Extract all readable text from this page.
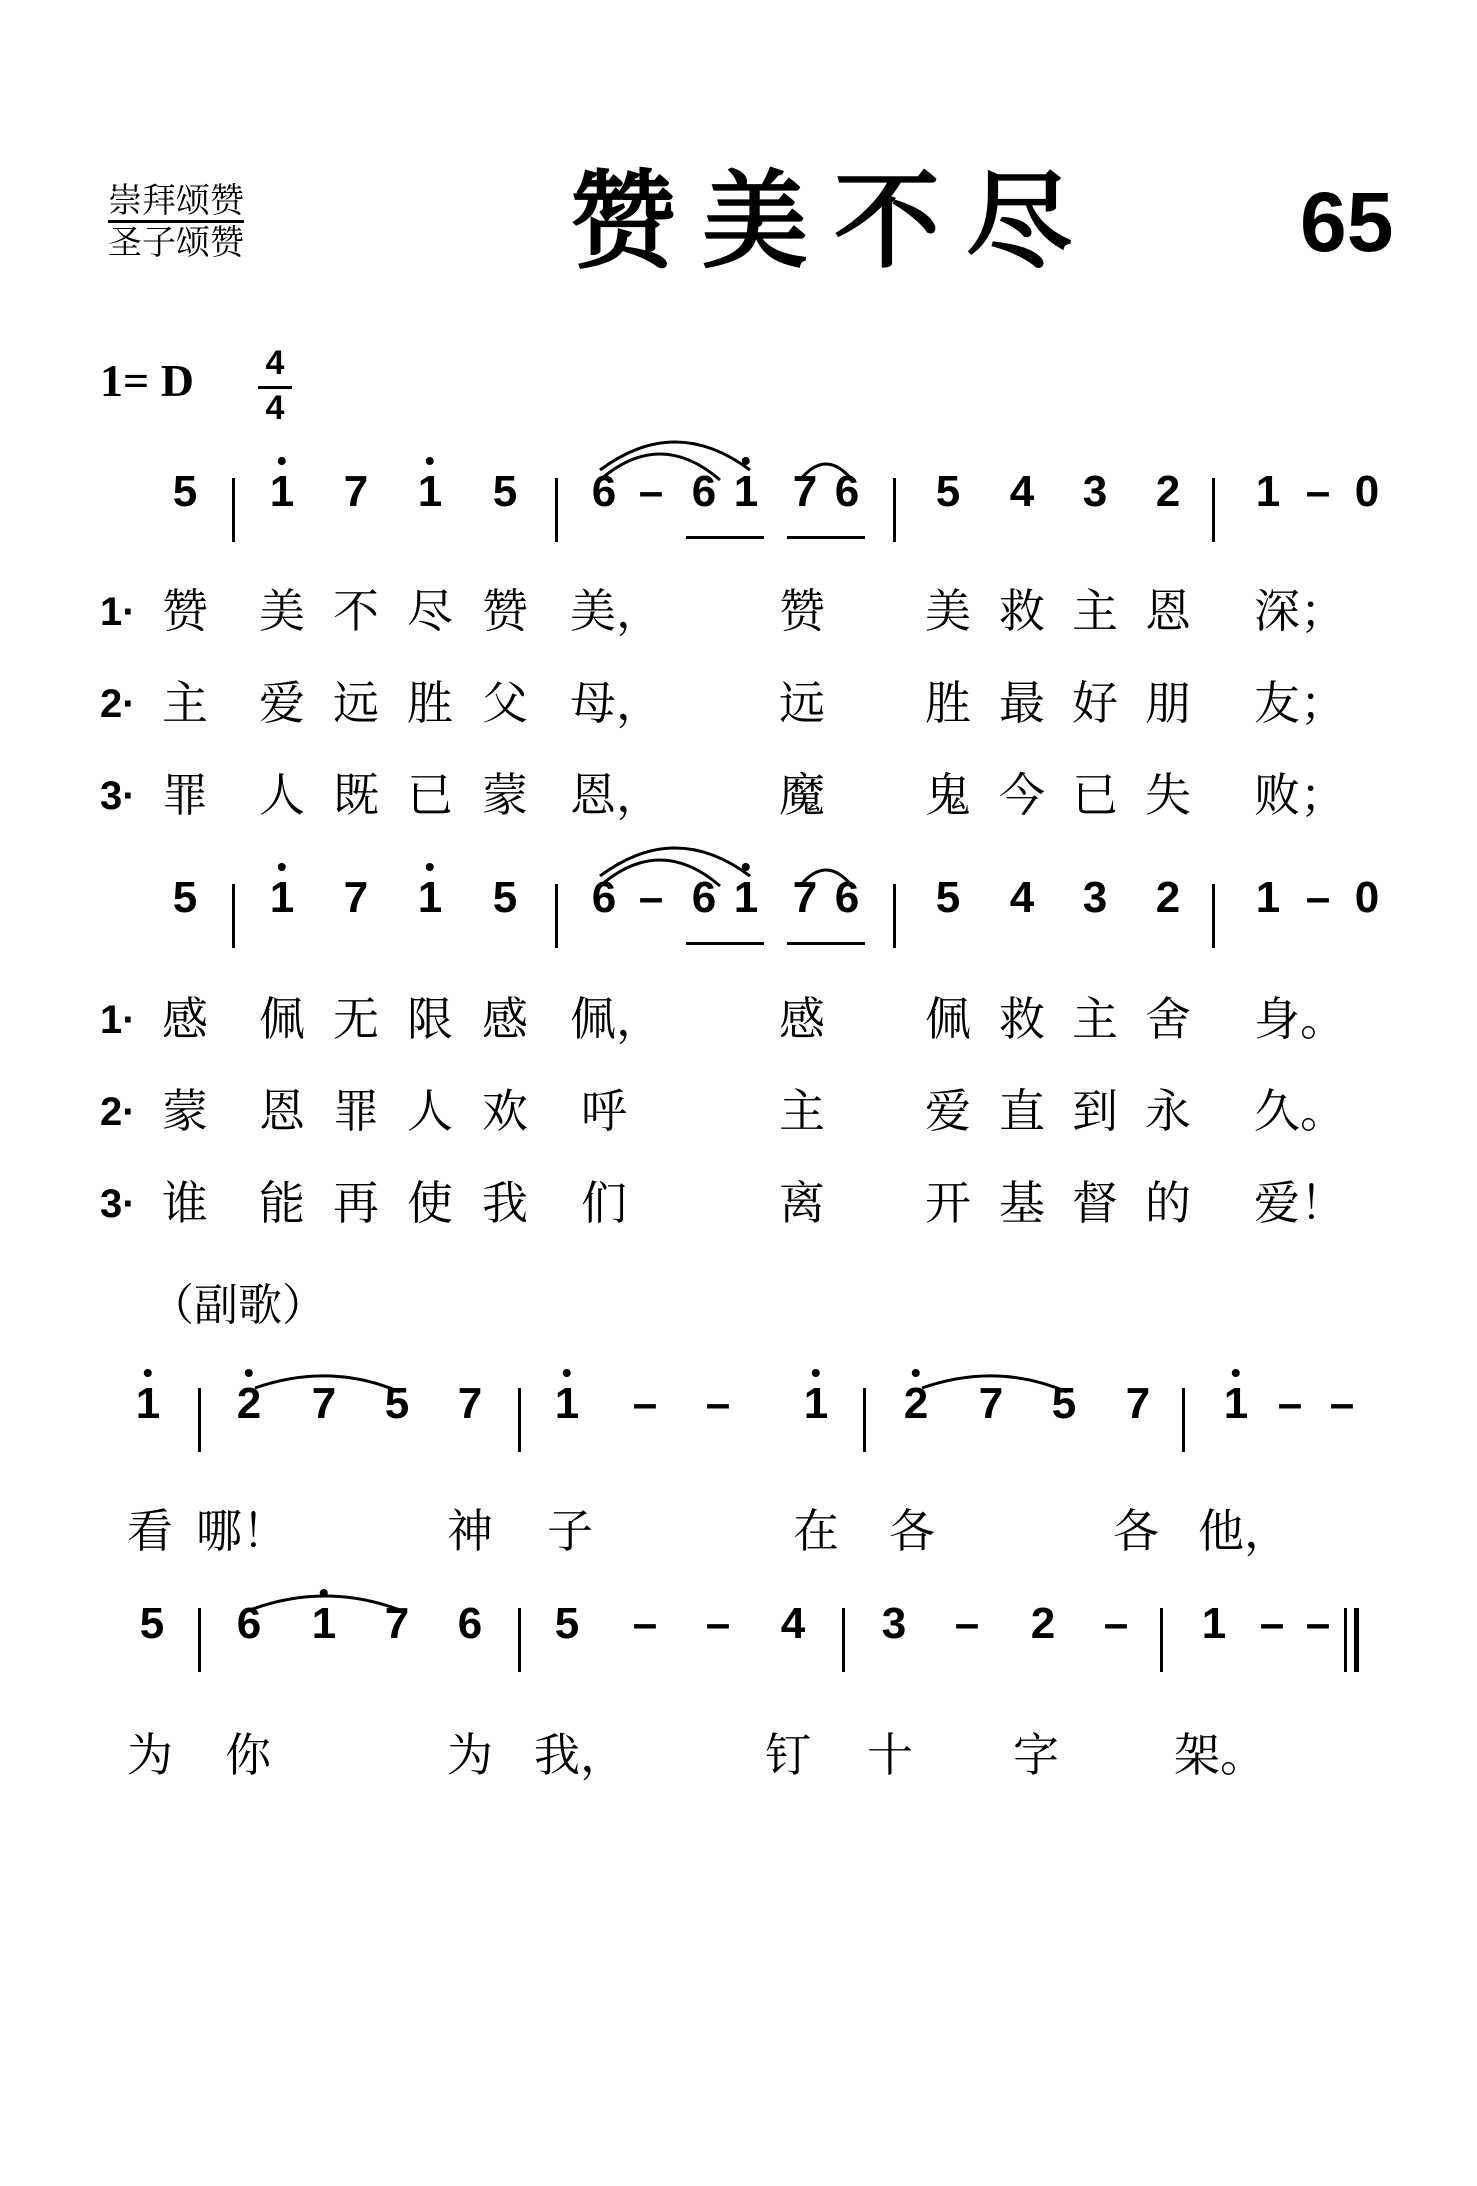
崇拜颂赞
圣子颂赞	赞美不尽 65
1= D $\frac{4}{4}$
（副歌）
5 1 7 1 5 6 – 6 1 7 6 5 4 3 2 1 – 0
5 1 7 1 5 6 – 6 1 7 6 5 4 3 2 1 – 0
1 2 7 5 7 1 – – 1 2 7 5 7 1 – –
5 6 1 7 6 5 – – 4 3 – 2 – 1 – –
1· 赞 美 不 尽 赞 美，	赞 美 救 主 恩 深；
2· 主 爱 远 胜 父 母，	远 胜 最 好 朋 友；
3· 罪 人 既 已 蒙 恩，	魔 鬼 今 已 失 败；
1· 感 佩 无 限 感 佩，	感 佩 救 主 舍 身。
2· 蒙 恩 罪 人 欢 呼	主 爱 直 到 永 久。
3· 谁 能 再 使 我 们	离 开 基 督 的 爱！
看 哪！	神 子	在 各	各 他，
为 你	为 我，	钉 十 字	架。
